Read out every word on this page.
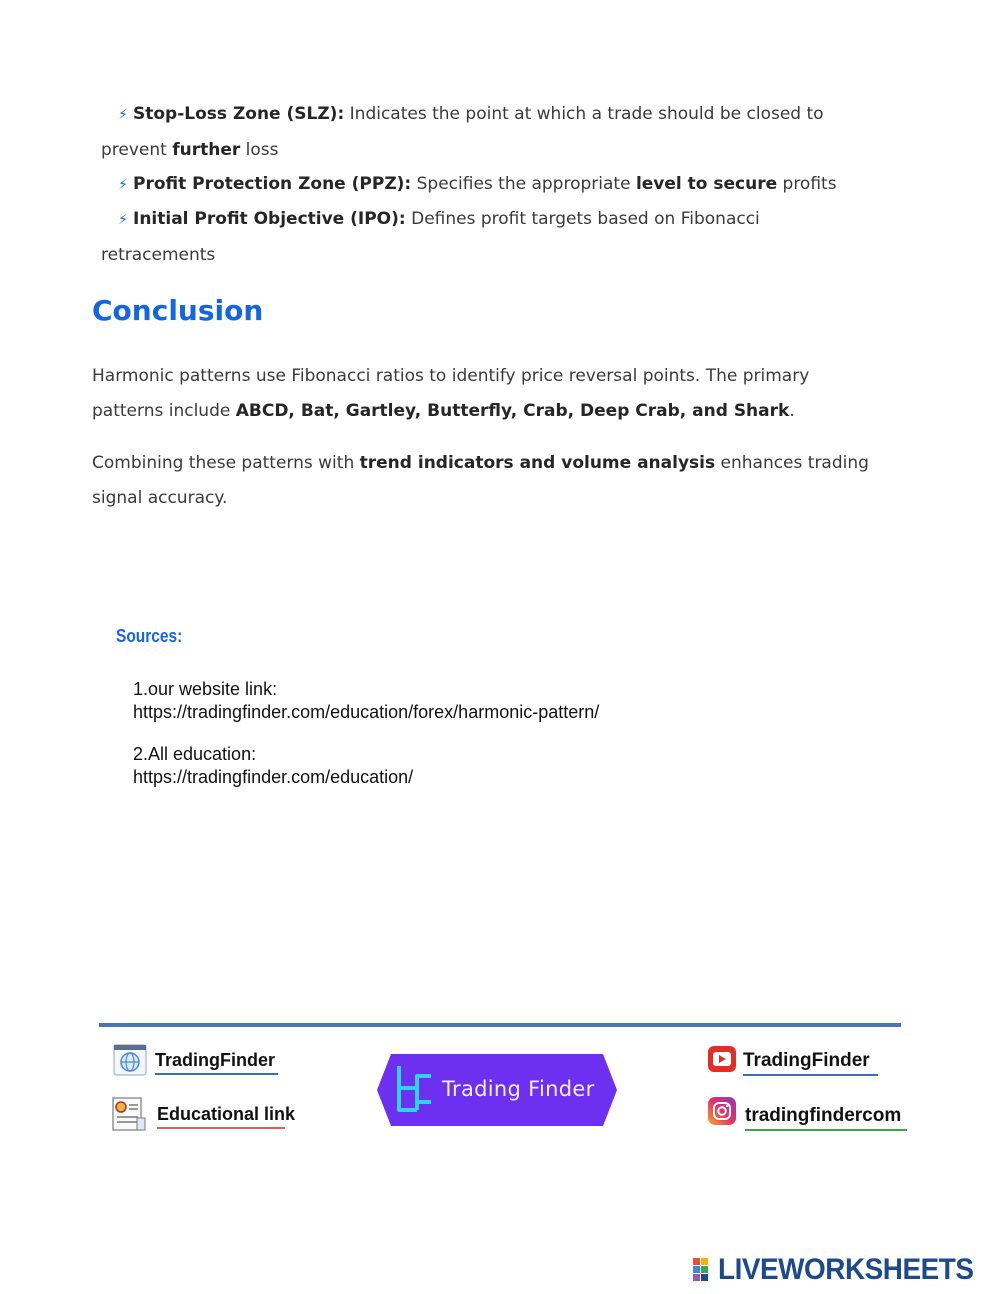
⚡︎ Stop-Loss Zone (SLZ): Indicates the point at which a trade should be closed to
prevent further loss
⚡︎ Profit Protection Zone (PPZ): Specifies the appropriate level to secure profits
⚡︎ Initial Profit Objective (IPO): Defines profit targets based on Fibonacci
retracements
Conclusion
Harmonic patterns use Fibonacci ratios to identify price reversal points. The primary
patterns include ABCD, Bat, Gartley, Butterfly, Crab, Deep Crab, and Shark.
Combining these patterns with trend indicators and volume analysis enhances trading
signal accuracy.
Sources:
1.our website link:
https://tradingfinder.com/education/forex/harmonic-pattern/
2.All education:
https://tradingfinder.com/education/
TradingFinder
Educational link
Trading Finder
TradingFinder
tradingfindercom
LIVEWORKSHEETS
